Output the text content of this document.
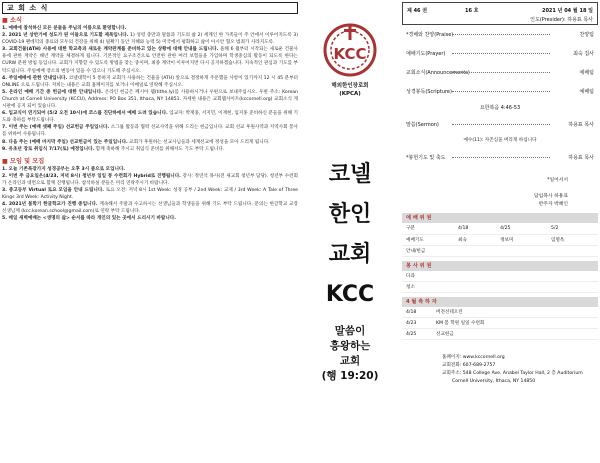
교 회 소 식
■ 소식
1. 예배에 참석하신 모든 분들을 주님의 이름으로 환영합니다.
2. 2021 년 상반기에 성도가 된 이들으로 기도할 제목입니다. 1) 성령 충만과 말씀과 기도의 삶 2) 세계인 한 가족들이 주 안에서 이루어지도록 3) COVID-19 팬데믹의 종료와 모두의 건강을 위해 4) 필확기 동안 지혜와 능력 5) 미국에서 평화하고 삶이 아시안 혐오 범죄가 사라지도록.
3. 교회건물(ATH) 사용에 대한 학교측과 새로운 계약관계를 준비하고 있는 상황에 대해 안내를 드립니다. 올해 6 월부터 시작되는 새로운 건물사용에 관한 계약은 해년 계약을 체결하게 됩니다. 기본적인 요구조건으로 안전한 관한 여러 보험들을 가입하며 학생중심의 활동이 되도록 한다는 CURW 분원 방침 등입니다. 교회가 지향할 수 있도록 방법을 찾는 중이며, 최종 계약이 이루어지면 다시 공지하겠습니다. 지속적인 관심과 기도를 부탁드립니다. 주일예배 장소의 변동이 있을 수 있으니 기도해 주십시오.
4. 주일예배에 관한 안내입니다. 코넬대학이 5 통하지 교회가 사용하는 건물을 (ATH) 앞으로 결정하게 주문했을 사항이 있기까지 12 시 45 분부터 ONLINE 으로 드립니다. 저희는 내용은 교회 홈페이지를 보거나 이메일로 연락해 주십시오.
5. 온라인 예배 기간 중 헌금에 대한 안내입니다. 온라인 헌금은 페시아 웹(tithe.ly)를 사용하시거나 우편으로 보내주십시오. 우편 주소: Korean Church at Cornell University (KCCU), Address: PO Box 351, Ithaca, NY 14851. 자세한 내용은 교회웹사이트(kccornell.org) 교회소식 게시판에 공지 되어 있습니다.
6. 입교식이 연기되어 (5/2 오전 10시)에 코스를 진단하에서 예배 드려 있습니다. 입교자: 박재홍, 서지민, 이재현, 임지홍 준비하신 분들을 위해 기도와 축하를 부탁드립니다.
7. 이번 주는 (예배 셋째 주일) 선교헌금 주일입니다. 소그룹 활동과 협력 선교사역을 위해 드리는 헌금입니다. 교회 선교 후원사역과 지역사회 봉사를 위하여 사용됩니다.
8. 다음 주는 (예배 마지막 주일) 선교헌금이 있는 주일입니다. 교회가 후원하는 선교사님들과 세계선교에 정성을 모아 드리게 됩니다.
9. 유초년 장로 취임식 7/17(토) 예정입니다. 함께 축하해 주시고 취임식 준비를 위해서도 기도 부탁 드립니다.
■ 모임 및 모집
1. 오늘 기존목장가지 성경공부는 오후 3시 줌으로 모입니다.
2. 이번 주 금요일은(4/23, 저녁 8시) 청년부 일일 봉 수련회가 Hybrid로 진행됩니다. 강사: 정연석 목사(전 새교회 청년부 담당). 청년부 수련회가 온라인과 대면으로 함께 진행됩니다. 참석하실 분들은 미리 연락주시기 바랍니다.
3. 중고등부 Virtual 토요 모임을 안내 드립니다. 토요 오전: 저녁 8시 1st Week: 성경 공부 / 2nd Week: 교제 / 3rd Week: A Tale of Three Kings 3rd Week: Activity Night.
4. 2021년 봄학기 한글학교가 진행 중입니다. 계속해서 주말과 수고하시는 선생님들과 학생들을 위해 기도 부탁 드립니다. 문의는 한글학교 교장 선생님께 (kcc.korean.school@gmail.com)로 연락 부탁 드립니다.
5. 매일 새벽예배는 <생명의 삶> 순서를 따라 개인의 있는 곳에서 드리시기 바랍니다.
KCC
해외한인장로회
(KPCA)
코넬
한인
교회
KCC
말씀이
흥왕하는
교회
(행 19:20)
제 46 권	16 호	2021 년 04 월 18 일
인도(Presider): 하용표 목사
*경배와 찬양(Praise)	찬양팀
예배기도(Prayer)	최숙 집사
교회소식(Announcements)	예배팀
성경봉독(Scripture)	예배팀
요한복음 4:46-53
말씀(Sermon)	하용표 목사
예수(11): 자존심을 버리게 하십니다
*봉헌기도 및 축도	하용표 목사
*일어서서
담임목사 하용표
반주자 박혜인
예 배 위 원
구분	4/18	4/25	5/2
예배기도	최숙	정보미	임명옥
안내/헌금
봉 사 위 원
다과
청소
4 월 축 하 자
4/18	버전선테오린
4/23	KM 봄 학원 일일 수련회
4/25	선교헌금
홈페이지: www.kccornell.org
교회전화: 607-689-2757
교회주소: 548 College Ave. Anabel Taylor Hall, 2 층 Auditorium
Cornell University, Ithaca, NY 14850
